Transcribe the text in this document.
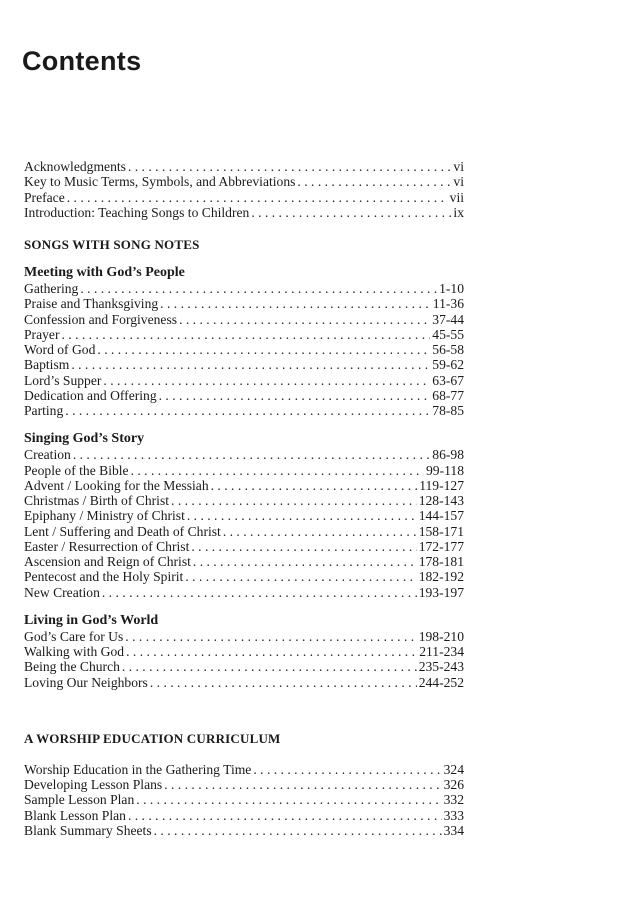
Contents
Acknowledgments . . .	vi
Key to Music Terms, Symbols, and Abbreviations . . .	vi
Preface . . .	vii
Introduction: Teaching Songs to Children . . .	ix
SONGS WITH SONG NOTES
Meeting with God’s People
Gathering . . .	1-10
Praise and Thanksgiving . . .	11-36
Confession and Forgiveness . . .	37-44
Prayer . . .	45-55
Word of God . . .	56-58
Baptism . . .	59-62
Lord’s Supper . . .	63-67
Dedication and Offering . . .	68-77
Parting . . .	78-85
Singing God’s Story
Creation . . .	86-98
People of the Bible . . .	99-118
Advent / Looking for the Messiah . . .	119-127
Christmas / Birth of Christ . . .	128-143
Epiphany / Ministry of Christ . . .	144-157
Lent / Suffering and Death of Christ . . .	158-171
Easter / Resurrection of Christ . . .	172-177
Ascension and Reign of Christ . . .	178-181
Pentecost and the Holy Spirit . . .	182-192
New Creation . . .	193-197
Living in God’s World
God’s Care for Us . . .	198-210
Walking with God . . .	211-234
Being the Church . . .	235-243
Loving Our Neighbors . . .	244-252
A WORSHIP EDUCATION CURRICULUM
Worship Education in the Gathering Time . . .	324
Developing Lesson Plans . . .	326
Sample Lesson Plan . . .	332
Blank Lesson Plan . . .	333
Blank Summary Sheets . . .	334
